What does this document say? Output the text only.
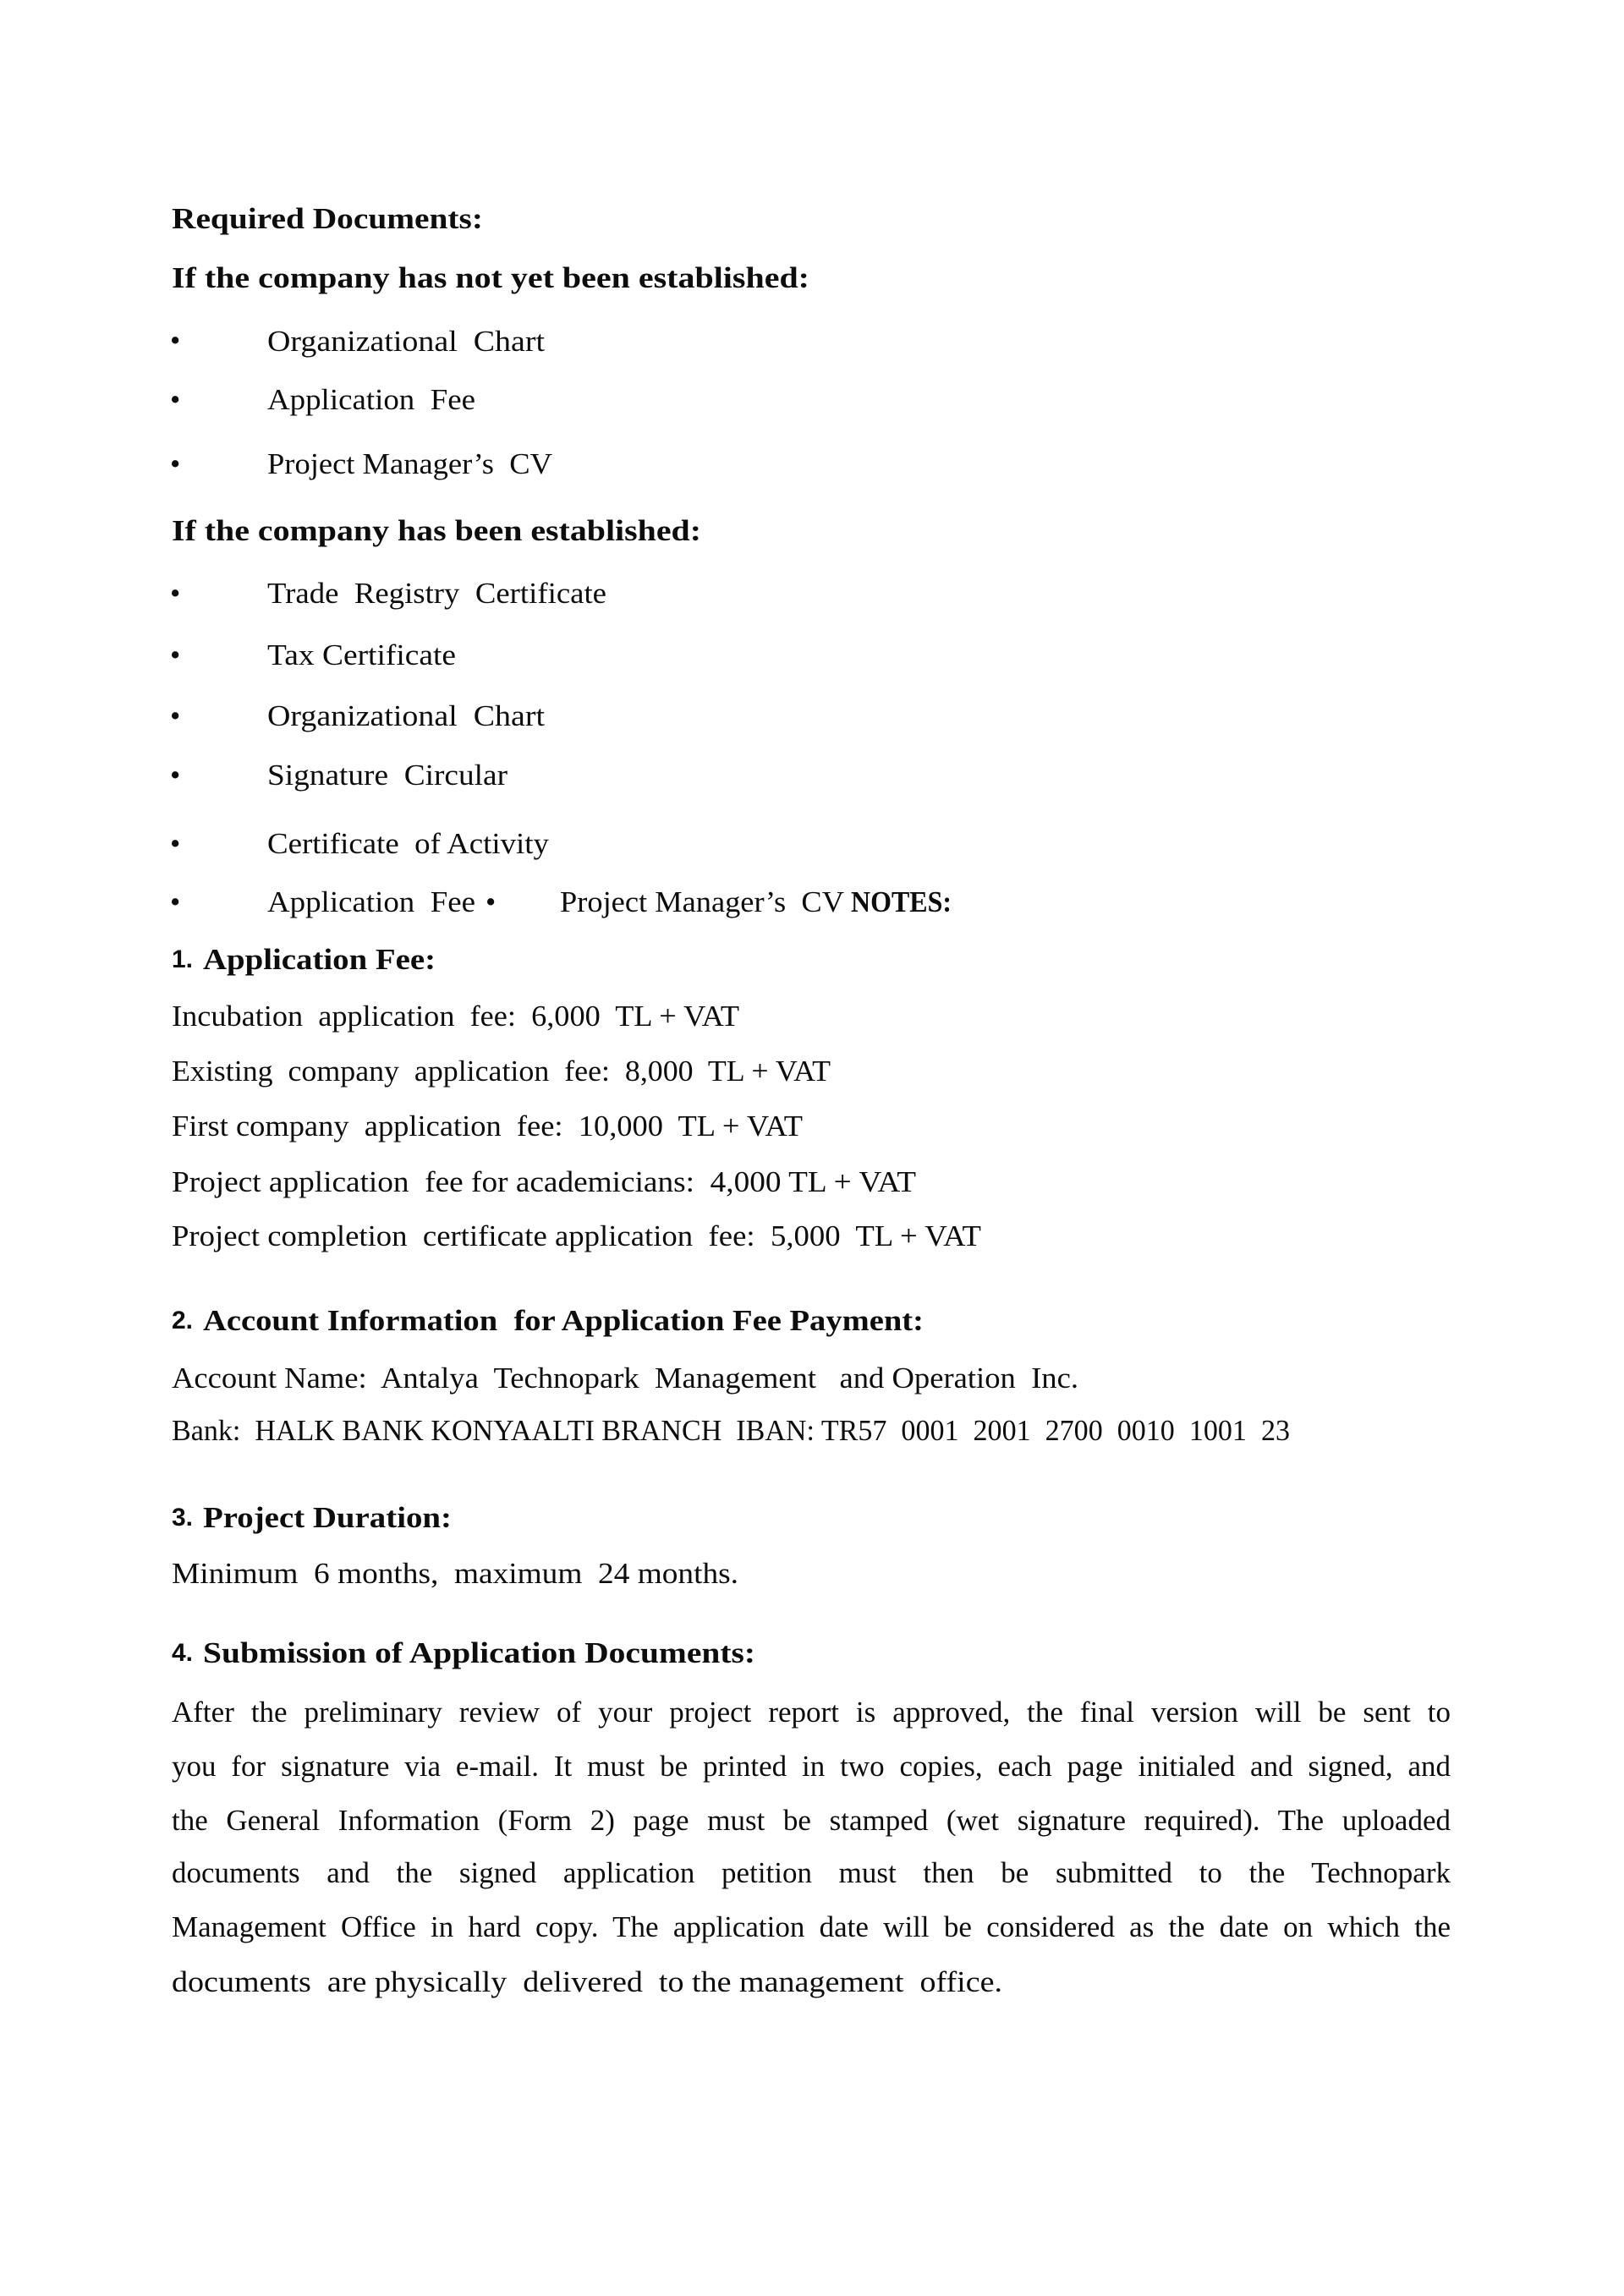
Required Documents:
If the company has not yet been established:
•	Organizational  Chart
•	Application  Fee
•	Project Manager’s  CV
If the company has been established:
•	Trade  Registry  Certificate
•	Tax Certificate
•	Organizational  Chart
•	Signature  Circular
•	Certificate  of Activity
•	Application  Fee • Project Manager’s  CV NOTES:
1. Application Fee:
Incubation  application  fee:  6,000  TL + VAT
Existing  company  application  fee:  8,000  TL + VAT
First company  application  fee:  10,000  TL + VAT
Project application  fee for academicians:  4,000 TL + VAT
Project completion  certificate application  fee:  5,000  TL + VAT
2. Account Information  for Application Fee Payment:
Account Name:  Antalya  Technopark  Management   and Operation  Inc.
Bank:  HALK BANK KONYAALTI BRANCH  IBAN: TR57  0001  2001  2700  0010  1001  23
3. Project Duration:
Minimum  6 months,  maximum  24 months.
4. Submission of Application Documents:
After the preliminary review of your project report is approved, the final version will be sent to
you for signature via e-mail. It must be printed in two copies, each page initialed and signed, and
the General Information (Form 2) page must be stamped (wet signature required). The uploaded
documents and the signed application petition must then be submitted to the Technopark
Management Office in hard copy. The application date will be considered as the date on which the
documents  are physically  delivered  to the management  office.
